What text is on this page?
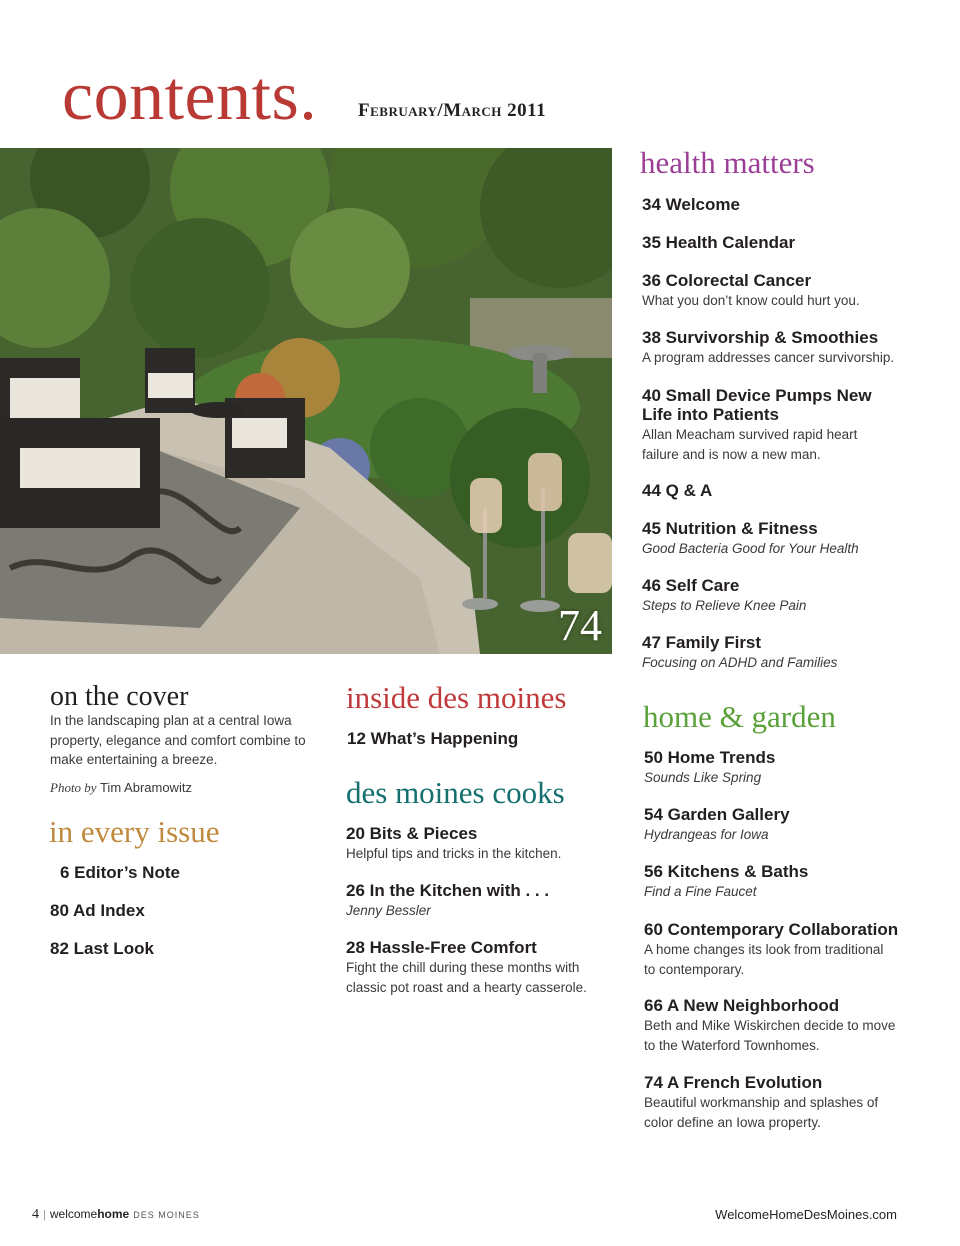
contents. February/March 2011
74
health matters
34 Welcome
35 Health Calendar
36 Colorectal Cancer
What you don’t know could hurt you.
38 Survivorship & Smoothies
A program addresses cancer survivorship.
40 Small Device Pumps New Life into Patients
Allan Meacham survived rapid heart failure and is now a new man.
44 Q & A
45 Nutrition & Fitness
Good Bacteria Good for Your Health
46 Self Care
Steps to Relieve Knee Pain
47 Family First
Focusing on ADHD and Families
home & garden
50 Home Trends
Sounds Like Spring
54 Garden Gallery
Hydrangeas for Iowa
56 Kitchens & Baths
Find a Fine Faucet
60 Contemporary Collaboration
A home changes its look from traditional to contemporary.
66 A New Neighborhood
Beth and Mike Wiskirchen decide to move to the Waterford Townhomes.
74 A French Evolution
Beautiful workmanship and splashes of color define an Iowa property.
on the cover
In the landscaping plan at a central Iowa property, elegance and comfort combine to make entertaining a breeze.
Photo by Tim Abramowitz
in every issue
6 Editor’s Note
80 Ad Index
82 Last Look
inside des moines
12 What’s Happening
des moines cooks
20 Bits & Pieces
Helpful tips and tricks in the kitchen.
26 In the Kitchen with . . .
Jenny Bessler
28 Hassle-Free Comfort
Fight the chill during these months with classic pot roast and a hearty casserole.
4 | welcomehome DES MOINES	WelcomeHomeDesMoines.com
